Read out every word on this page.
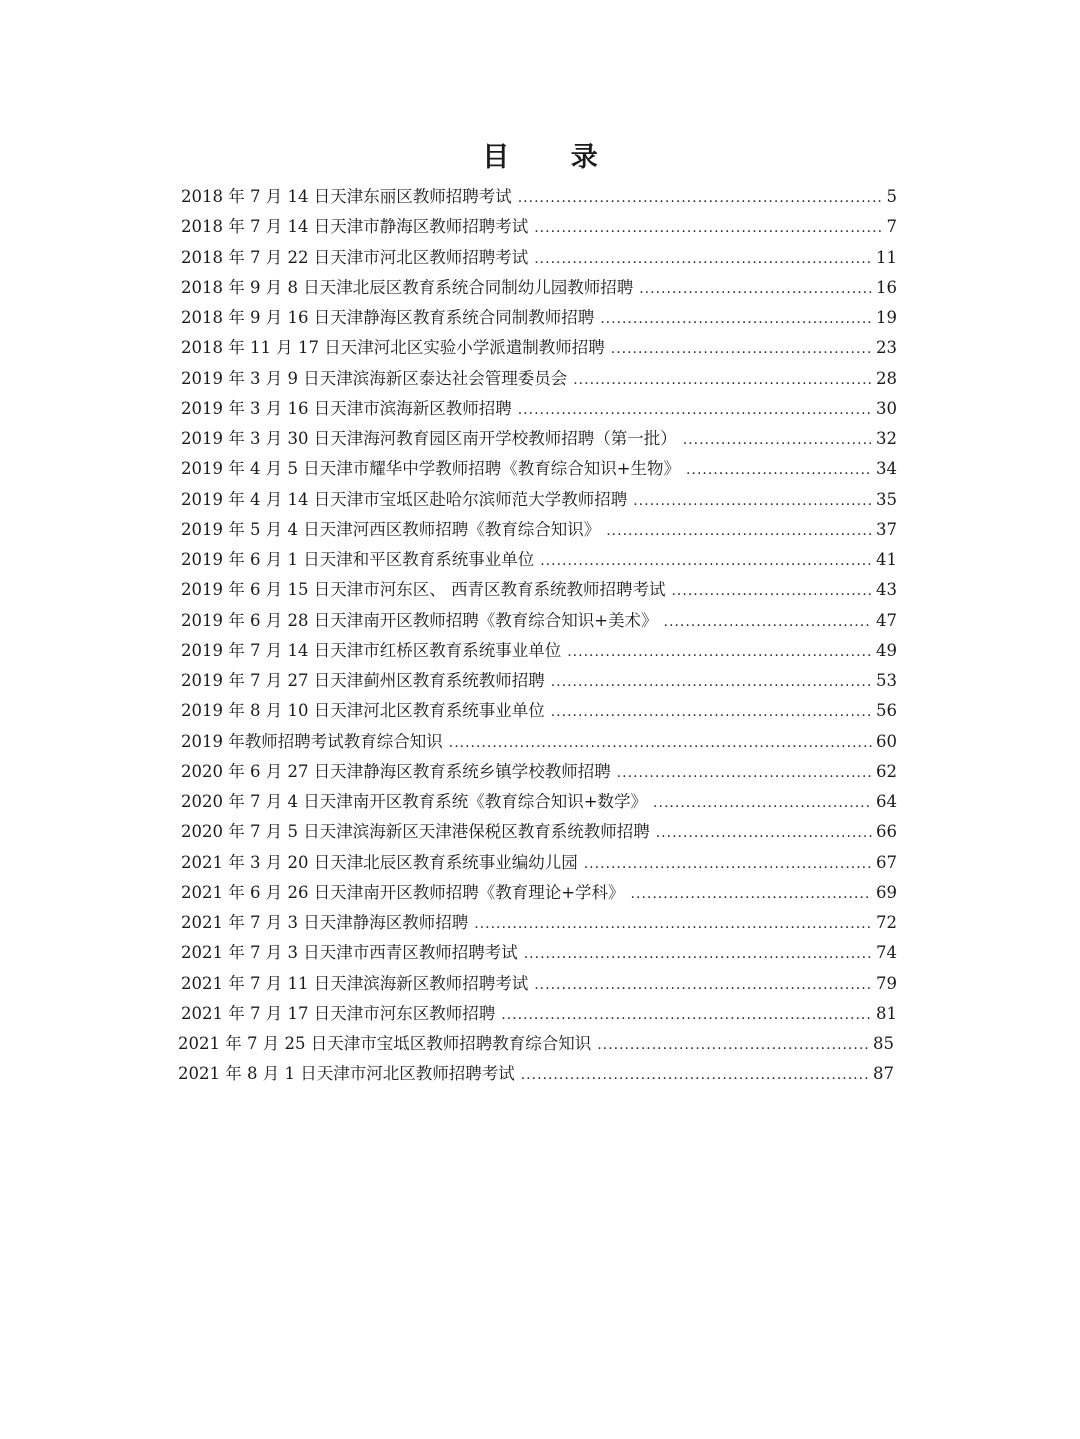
目 录
2018 年 7 月 14 日天津东丽区教师招聘考试 .....	5
2018 年 7 月 14 日天津市静海区教师招聘考试 .....	7
2018 年 7 月 22 日天津市河北区教师招聘考试 .....	11
2018 年 9 月 8 日天津北辰区教育系统合同制幼儿园教师招聘 .....	16
2018 年 9 月 16 日天津静海区教育系统合同制教师招聘 .....	19
2018 年 11 月 17 日天津河北区实验小学派遣制教师招聘 .....	23
2019 年 3 月 9 日天津滨海新区泰达社会管理委员会 .....	28
2019 年 3 月 16 日天津市滨海新区教师招聘 .....	30
2019 年 3 月 30 日天津海河教育园区南开学校教师招聘（第一批） .....	32
2019 年 4 月 5 日天津市耀华中学教师招聘《教育综合知识+生物》 .....	34
2019 年 4 月 14 日天津市宝坻区赴哈尔滨师范大学教师招聘 .....	35
2019 年 5 月 4 日天津河西区教师招聘《教育综合知识》 .....	37
2019 年 6 月 1 日天津和平区教育系统事业单位 .....	41
2019 年 6 月 15 日天津市河东区、 西青区教育系统教师招聘考试 .....	43
2019 年 6 月 28 日天津南开区教师招聘《教育综合知识+美术》 .....	47
2019 年 7 月 14 日天津市红桥区教育系统事业单位 .....	49
2019 年 7 月 27 日天津蓟州区教育系统教师招聘 .....	53
2019 年 8 月 10 日天津河北区教育系统事业单位 .....	56
2019 年教师招聘考试教育综合知识 .....	60
2020 年 6 月 27 日天津静海区教育系统乡镇学校教师招聘 .....	62
2020 年 7 月 4 日天津南开区教育系统《教育综合知识+数学》 .....	64
2020 年 7 月 5 日天津滨海新区天津港保税区教育系统教师招聘 .....	66
2021 年 3 月 20 日天津北辰区教育系统事业编幼儿园 .....	67
2021 年 6 月 26 日天津南开区教师招聘《教育理论+学科》 .....	69
2021 年 7 月 3 日天津静海区教师招聘 .....	72
2021 年 7 月 3 日天津市西青区教师招聘考试 .....	74
2021 年 7 月 11 日天津滨海新区教师招聘考试 .....	79
2021 年 7 月 17 日天津市河东区教师招聘 .....	81
2021 年 7 月 25 日天津市宝坻区教师招聘教育综合知识 .....	85
2021 年 8 月 1 日天津市河北区教师招聘考试 .....	87
